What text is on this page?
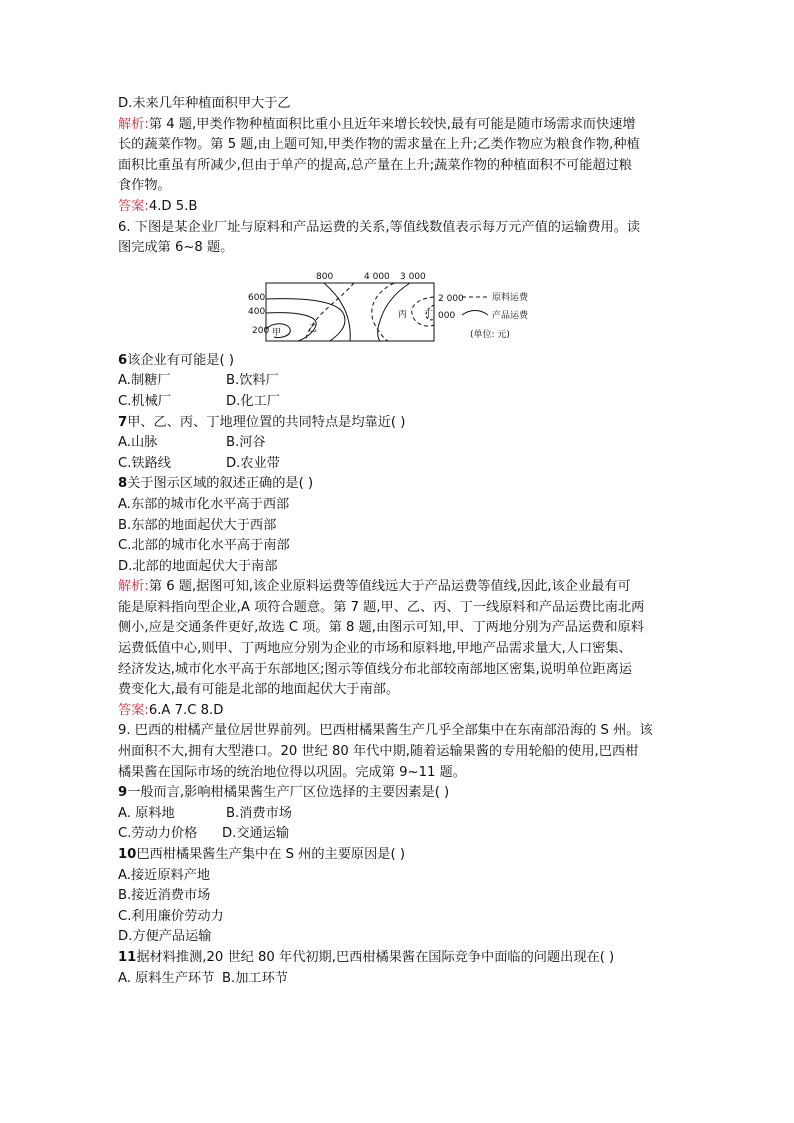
D.未来几年种植面积甲大于乙
解析:第 4 题,甲类作物种植面积比重小且近年来增长较快,最有可能是随市场需求而快速增
长的蔬菜作物。第 5 题,由上题可知,甲类作物的需求量在上升;乙类作物应为粮食作物,种植
面积比重虽有所减少,但由于单产的提高,总产量在上升;蔬菜作物的种植面积不可能超过粮
食作物。
答案:4.D 5.B
6. 下图是某企业厂址与原料和产品运费的关系,等值线数值表示每万元产值的运输费用。读
图完成第 6~8 题。
800	4 000 3 000
600
400
200
2 000
000
甲	乙
丙 丁
原料运费
产品运费
(单位: 元)
6该企业有可能是( )
A.制糖厂	B.饮料厂
C.机械厂	D.化工厂
7甲、乙、丙、丁地理位置的共同特点是均靠近( )
A.山脉	B.河谷
C.铁路线	D.农业带
8关于图示区域的叙述正确的是( )
A.东部的城市化水平高于西部
B.东部的地面起伏大于西部
C.北部的城市化水平高于南部
D.北部的地面起伏大于南部
解析:第 6 题,据图可知,该企业原料运费等值线远大于产品运费等值线,因此,该企业最有可
能是原料指向型企业,A 项符合题意。第 7 题,甲、乙、丙、丁一线原料和产品运费比南北两
侧小,应是交通条件更好,故选 C 项。第 8 题,由图示可知,甲、丁两地分别为产品运费和原料
运费低值中心,则甲、丁两地应分别为企业的市场和原料地,甲地产品需求量大,人口密集、
经济发达,城市化水平高于东部地区;图示等值线分布北部较南部地区密集,说明单位距离运
费变化大,最有可能是北部的地面起伏大于南部。
答案:6.A 7.C 8.D
9. 巴西的柑橘产量位居世界前列。巴西柑橘果酱生产几乎全部集中在东南部沿海的 S 州。该
州面积不大,拥有大型港口。20 世纪 80 年代中期,随着运输果酱的专用轮船的使用,巴西柑
橘果酱在国际市场的统治地位得以巩固。完成第 9~11 题。
9一般而言,影响柑橘果酱生产厂区位选择的主要因素是( )
A. 原料地	B.消费市场
C.劳动力价格	D.交通运输
10巴西柑橘果酱生产集中在 S 州的主要原因是( )
A.接近原料产地
B.接近消费市场
C.利用廉价劳动力
D.方便产品运输
11据材料推测,20 世纪 80 年代初期,巴西柑橘果酱在国际竞争中面临的问题出现在( )
A. 原料生产环节 B.加工环节
